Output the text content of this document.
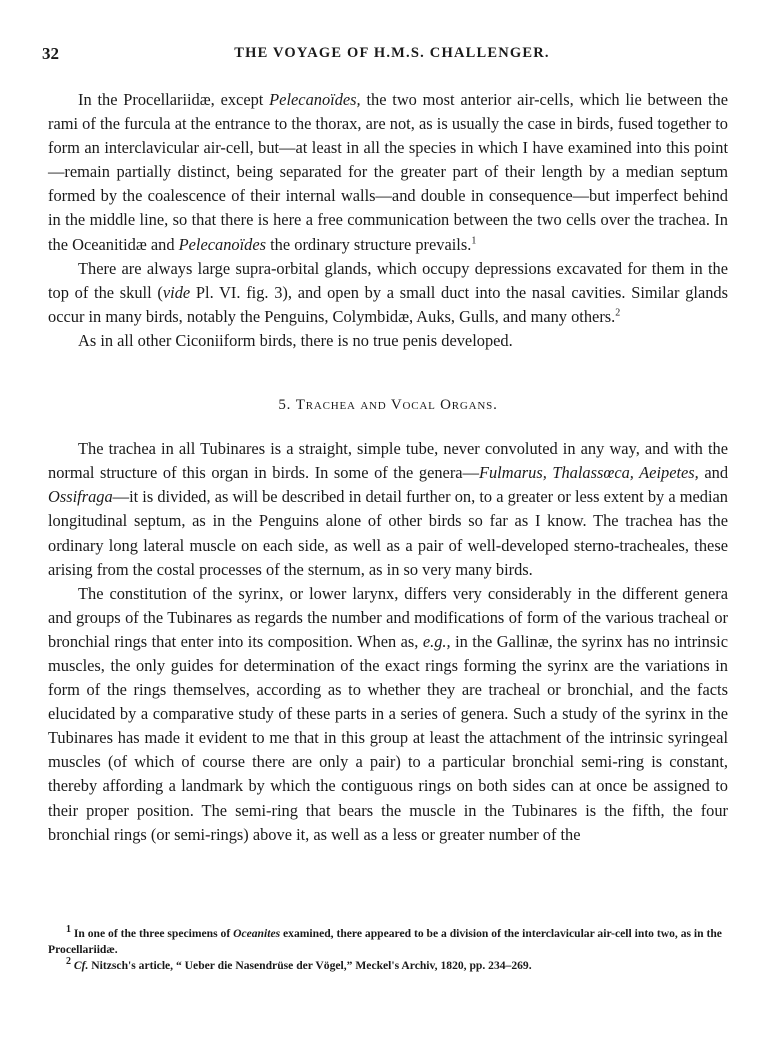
32	THE VOYAGE OF H.M.S. CHALLENGER.

In the Procellariidæ, except Pelecanoïdes, the two most anterior air-cells, which lie between the rami of the furcula at the entrance to the thorax, are not, as is usually the case in birds, fused together to form an interclavicular air-cell, but—at least in all the species in which I have examined into this point—remain partially distinct, being separated for the greater part of their length by a median septum formed by the coalescence of their internal walls—and double in consequence—but imperfect behind in the middle line, so that there is here a free communication between the two cells over the trachea. In the Oceanitidæ and Pelecanoïdes the ordinary structure prevails.$^1$

There are always large supra-orbital glands, which occupy depressions excavated for them in the top of the skull (vide Pl. VI. fig. 3), and open by a small duct into the nasal cavities. Similar glands occur in many birds, notably the Penguins, Colymbidæ, Auks, Gulls, and many others.$^2$

As in all other Ciconiiform birds, there is no true penis developed.

5. Trachea and Vocal Organs.

The trachea in all Tubinares is a straight, simple tube, never convoluted in any way, and with the normal structure of this organ in birds. In some of the genera—Fulmarus, Thalassœca, Aeipetes, and Ossifraga—it is divided, as will be described in detail further on, to a greater or less extent by a median longitudinal septum, as in the Penguins alone of other birds so far as I know. The trachea has the ordinary long lateral muscle on each side, as well as a pair of well-developed sterno-tracheales, these arising from the costal processes of the sternum, as in so very many birds.

The constitution of the syrinx, or lower larynx, differs very considerably in the different genera and groups of the Tubinares as regards the number and modifications of form of the various tracheal or bronchial rings that enter into its composition. When as, e.g., in the Gallinæ, the syrinx has no intrinsic muscles, the only guides for determination of the exact rings forming the syrinx are the variations in form of the rings themselves, according as to whether they are tracheal or bronchial, and the facts elucidated by a comparative study of these parts in a series of genera. Such a study of the syrinx in the Tubinares has made it evident to me that in this group at least the attachment of the intrinsic syringeal muscles (of which of course there are only a pair) to a particular bronchial semi-ring is constant, thereby affording a landmark by which the contiguous rings on both sides can at once be assigned to their proper position. The semi-ring that bears the muscle in the Tubinares is the fifth, the four bronchial rings (or semi-rings) above it, as well as a less or greater number of the

$^1$ In one of the three specimens of Oceanites examined, there appeared to be a division of the interclavicular air-cell into two, as in the Procellariidæ.

$^2$ Cf. Nitzsch's article, “ Ueber die Nasendrüse der Vögel,” Meckel's Archiv, 1820, pp. 234–269.
